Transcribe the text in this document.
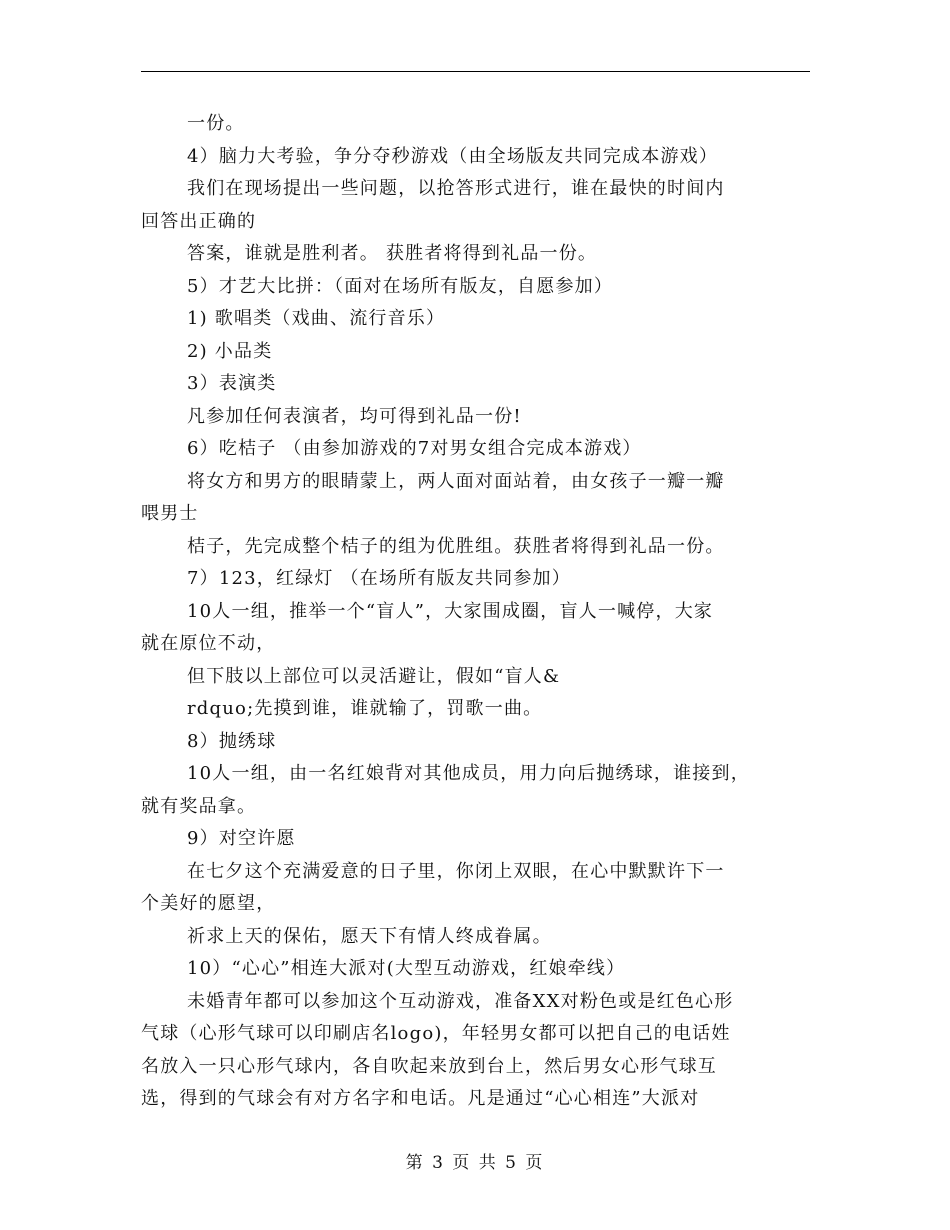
一份。

4）脑力大考验，争分夺秒游戏（由全场版友共同完成本游戏）

我们在现场提出一些问题，以抢答形式进行，谁在最快的时间内

回答出正确的

答案，谁就是胜利者。 获胜者将得到礼品一份。

5）才艺大比拼：（面对在场所有版友，自愿参加）

1) 歌唱类（戏曲、流行音乐）

2) 小品类

3）表演类

凡参加任何表演者，均可得到礼品一份!

6）吃桔子 （由参加游戏的7对男女组合完成本游戏）

将女方和男方的眼睛蒙上，两人面对面站着，由女孩子一瓣一瓣

喂男士

桔子，先完成整个桔子的组为优胜组。获胜者将得到礼品一份。

7）123，红绿灯 （在场所有版友共同参加）

10人一组，推举一个“盲人”，大家围成圈，盲人一喊停，大家

就在原位不动，

但下肢以上部位可以灵活避让，假如“盲人&

rdquo;先摸到谁，谁就输了，罚歌一曲。

8）抛绣球

10人一组，由一名红娘背对其他成员，用力向后抛绣球，谁接到，

就有奖品拿。

9）对空许愿

在七夕这个充满爱意的日子里，你闭上双眼，在心中默默许下一

个美好的愿望，

祈求上天的保佑，愿天下有情人终成眷属。

10）“心心”相连大派对(大型互动游戏，红娘牵线）

未婚青年都可以参加这个互动游戏，准备XX对粉色或是红色心形

气球（心形气球可以印刷店名logo)，年轻男女都可以把自己的电话姓

名放入一只心形气球内，各自吹起来放到台上，然后男女心形气球互

选，得到的气球会有对方名字和电话。凡是通过“心心相连”大派对

第 3 页 共 5 页
